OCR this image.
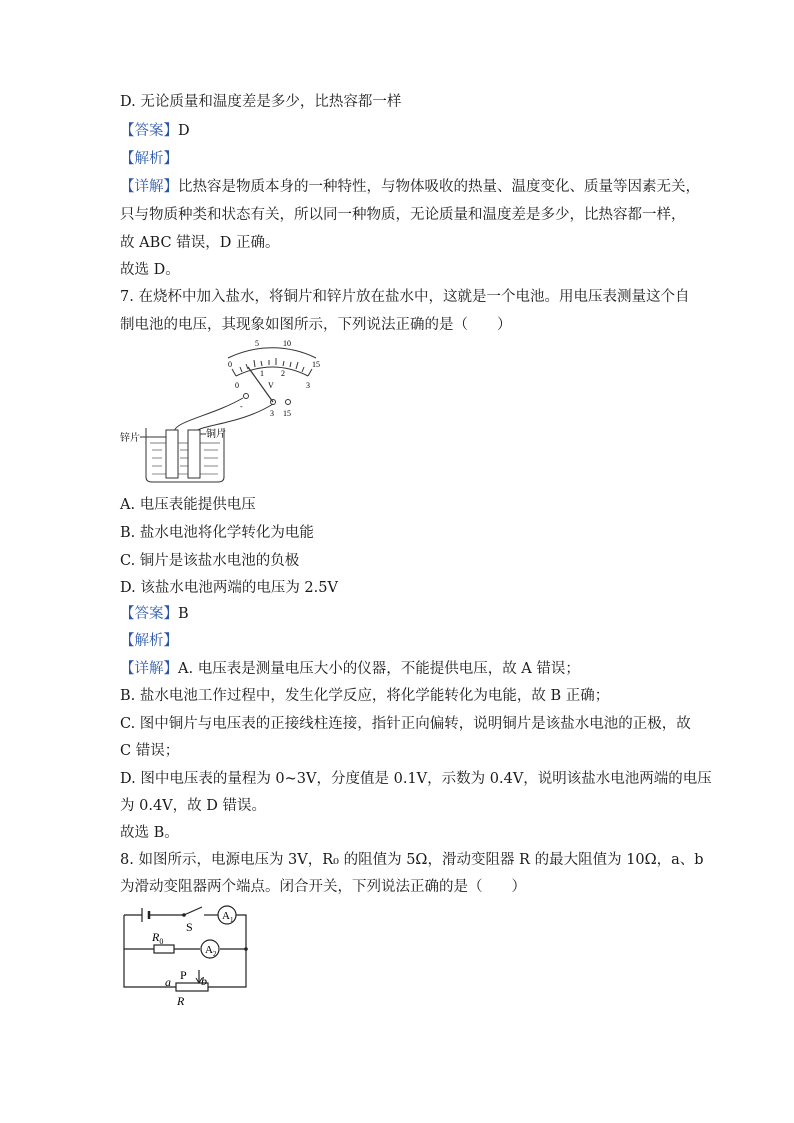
D. 无论质量和温度差是多少，比热容都一样
【答案】D
【解析】
【详解】比热容是物质本身的一种特性，与物体吸收的热量、温度变化、质量等因素无关，
只与物质种类和状态有关，所以同一种物质，无论质量和温度差是多少，比热容都一样，
故 ABC 错误，D 正确。
故选 D。
7. 在烧杯中加入盐水，将铜片和锌片放在盐水中，这就是一个电池。用电压表测量这个自
制电池的电压，其现象如图所示，下列说法正确的是（　　）
0
5	10
15
0
1 2
3
V
-
3 15
锌片	铜片
A. 电压表能提供电压
B. 盐水电池将化学转化为电能
C. 铜片是该盐水电池的负极
D. 该盐水电池两端的电压为 2.5V
【答案】B
【解析】
【详解】A. 电压表是测量电压大小的仪器，不能提供电压，故 A 错误；
B. 盐水电池工作过程中，发生化学反应，将化学能转化为电能，故 B 正确；
C. 图中铜片与电压表的正接线柱连接，指针正向偏转，说明铜片是该盐水电池的正极，故
C 错误；
D. 图中电压表的量程为 0~3V，分度值是 0.1V，示数为 0.4V，说明该盐水电池两端的电压
为 0.4V，故 D 错误。
故选 B。
8. 如图所示，电源电压为 3V，R₀ 的阻值为 5Ω，滑动变阻器 R 的最大阻值为 10Ω，a、b
为滑动变阻器两个端点。闭合开关，下列说法正确的是（　　）
S
$A_1$
$R_0$
$A_2$
P
a	b
R
